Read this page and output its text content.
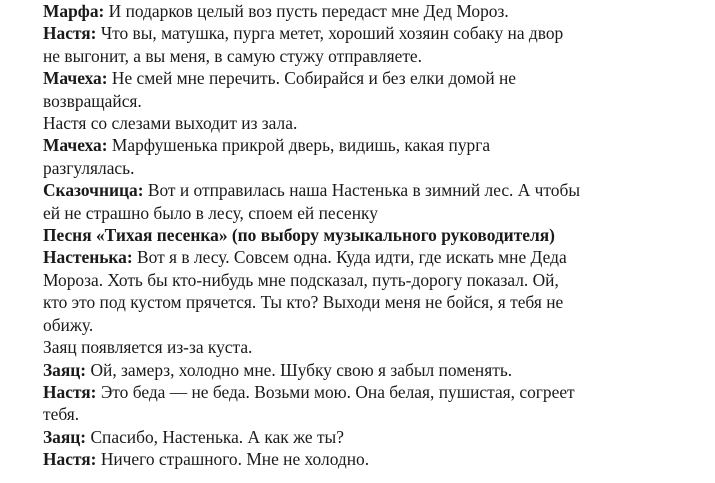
Марфа: И подарков целый воз пусть передаст мне Дед Мороз.

Настя: Что вы, матушка, пурга метет, хороший хозяин собаку на двор

не выгонит, а вы меня, в самую стужу отправляете.

Мачеха: Не смей мне перечить. Собирайся и без елки домой не

возвращайся.

Настя со слезами выходит из зала.

Мачеха: Марфушенька прикрой дверь, видишь, какая пурга

разгулялась.

Сказочница: Вот и отправилась наша Настенька в зимний лес. А чтобы

ей не страшно было в лесу, споем ей песенку

Песня «Тихая песенка» (по выбору музыкального руководителя)

Настенька: Вот я в лесу. Совсем одна. Куда идти, где искать мне Деда

Мороза. Хоть бы кто-нибудь мне подсказал, путь-дорогу показал. Ой,

кто это под кустом прячется. Ты кто? Выходи меня не бойся, я тебя не

обижу.

Заяц появляется из-за куста.

Заяц: Ой, замерз, холодно мне. Шубку свою я забыл поменять.

Настя: Это беда — не беда. Возьми мою. Она белая, пушистая, согреет

тебя.

Заяц: Спасибо, Настенька. А как же ты?

Настя: Ничего страшного. Мне не холодно.
